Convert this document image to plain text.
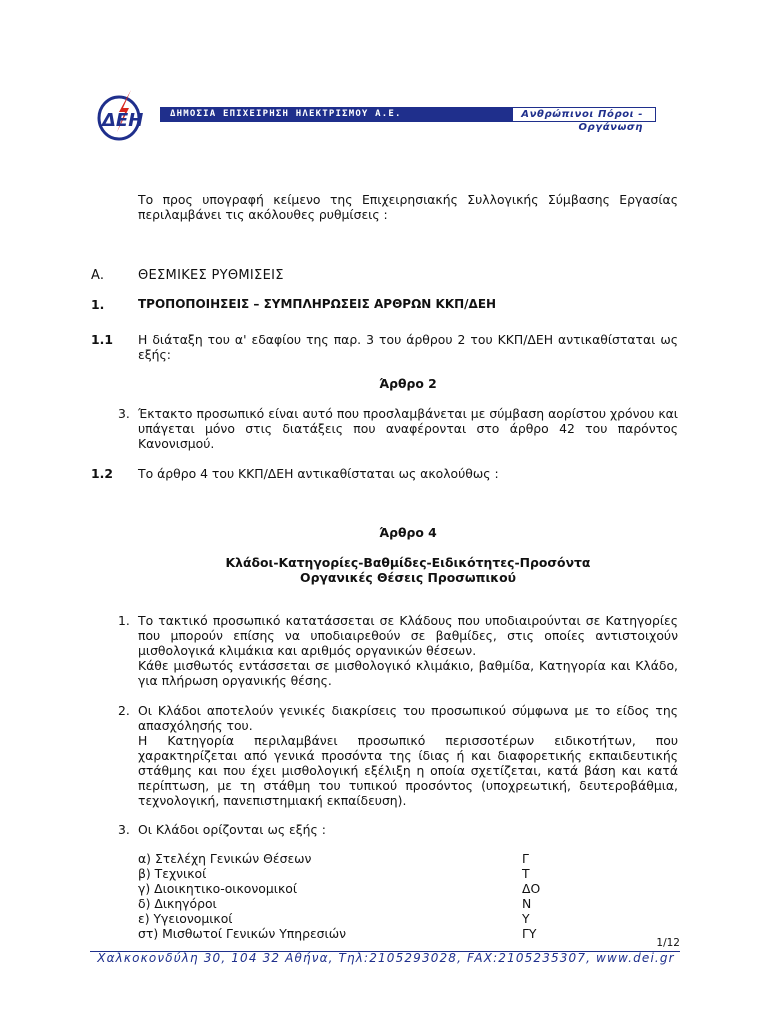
ΔΕΗ	ΔΗΜΟΣΙΑ ΕΠΙΧΕΙΡΗΣΗ ΗΛΕΚΤΡΙΣΜΟΥ Α.Ε.	Ανθρώπινοι Πόροι - Οργάνωση
Το προς υπογραφή κείμενο της Επιχειρησιακής Συλλογικής Σύμβασης Εργασίας περιλαμβάνει τις ακόλουθες ρυθμίσεις :
Α.	ΘΕΣΜΙΚΕΣ ΡΥΘΜΙΣΕΙΣ
1.	ΤΡΟΠΟΠΟΙΗΣΕΙΣ – ΣΥΜΠΛΗΡΩΣΕΙΣ ΑΡΘΡΩΝ ΚΚΠ/ΔΕΗ
1.1 Η διάταξη του α' εδαφίου της παρ. 3 του άρθρου 2 του ΚΚΠ/ΔΕΗ αντικαθίσταται ως εξής:
Άρθρο 2
3. Έκτακτο προσωπικό είναι αυτό που προσλαμβάνεται με σύμβαση αορίστου χρόνου και υπάγεται μόνο στις διατάξεις που αναφέρονται στο άρθρο 42 του παρόντος Κανονισμού.
1.2 Το άρθρο 4 του ΚΚΠ/ΔΕΗ αντικαθίσταται ως ακολούθως :
Άρθρο 4
Κλάδοι-Κατηγορίες-Βαθμίδες-Ειδικότητες-Προσόντα
Οργανικές Θέσεις Προσωπικού
1. Το τακτικό προσωπικό κατατάσσεται σε Κλάδους που υποδιαιρούνται σε Κατηγορίες που μπορούν επίσης να υποδιαιρεθούν σε βαθμίδες, στις οποίες αντιστοιχούν μισθολογικά κλιμάκια και αριθμός οργανικών θέσεων.
Κάθε μισθωτός εντάσσεται σε μισθολογικό κλιμάκιο, βαθμίδα, Κατηγορία και Κλάδο, για πλήρωση οργανικής θέσης.
2. Οι Κλάδοι αποτελούν γενικές διακρίσεις του προσωπικού σύμφωνα με το είδος της απασχόλησής του.
Η Κατηγορία περιλαμβάνει προσωπικό περισσοτέρων ειδικοτήτων, που χαρακτηρίζεται από γενικά προσόντα της ίδιας ή και διαφορετικής εκπαιδευτικής στάθμης και που έχει μισθολογική εξέλιξη η οποία σχετίζεται, κατά βάση και κατά περίπτωση, με τη στάθμη του τυπικού προσόντος (υποχρεωτική, δευτεροβάθμια, τεχνολογική, πανεπιστημιακή εκπαίδευση).
3. Οι Κλάδοι ορίζονται ως εξής :
α) Στελέχη Γενικών Θέσεων	Γ
β) Τεχνικοί	Τ
γ) Διοικητικο-οικονομικοί	ΔΟ
δ) Δικηγόροι	Ν
ε) Υγειονομικοί	Υ
στ) Μισθωτοί Γενικών Υπηρεσιών	ΓΥ
1/12
Χαλκοκονδύλη 30, 104 32 Αθήνα, Τηλ:2105293028, FAX:2105235307, www.dei.gr
